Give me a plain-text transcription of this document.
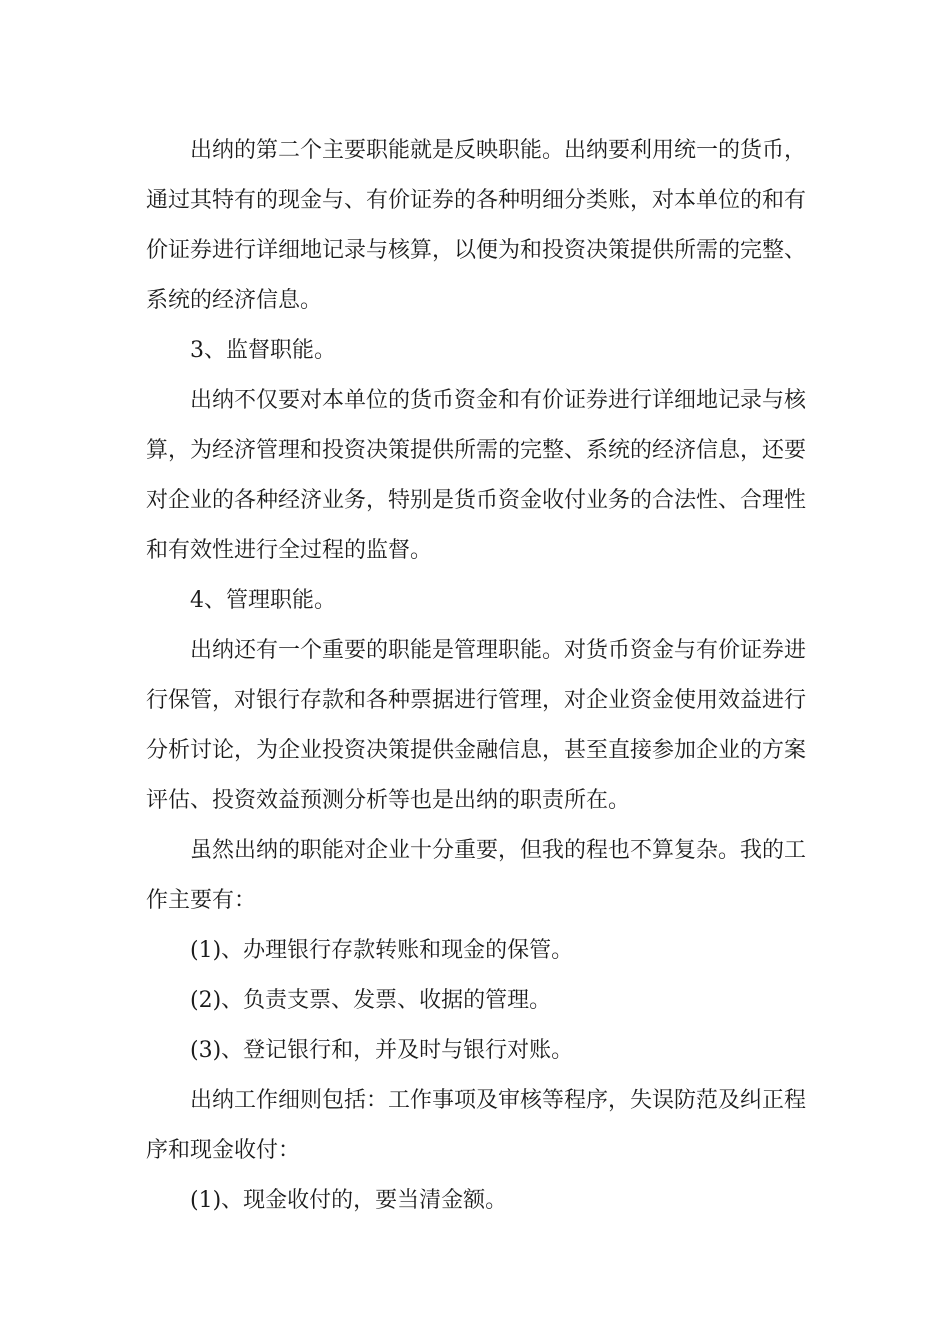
出纳的第二个主要职能就是反映职能。出纳要利用统一的货币，通过其特有的现金与、有价证券的各种明细分类账，对本单位的和有价证券进行详细地记录与核算，以便为和投资决策提供所需的完整、系统的经济信息。

3、监督职能。

出纳不仅要对本单位的货币资金和有价证券进行详细地记录与核算，为经济管理和投资决策提供所需的完整、系统的经济信息，还要对企业的各种经济业务，特别是货币资金收付业务的合法性、合理性和有效性进行全过程的监督。

4、管理职能。

出纳还有一个重要的职能是管理职能。对货币资金与有价证券进行保管，对银行存款和各种票据进行管理，对企业资金使用效益进行分析讨论，为企业投资决策提供金融信息，甚至直接参加企业的方案评估、投资效益预测分析等也是出纳的职责所在。

虽然出纳的职能对企业十分重要，但我的程也不算复杂。我的工作主要有：

(1)、办理银行存款转账和现金的保管。

(2)、负责支票、发票、收据的管理。

(3)、登记银行和，并及时与银行对账。

出纳工作细则包括：工作事项及审核等程序，失误防范及纠正程序和现金收付：

(1)、现金收付的，要当清金额。
